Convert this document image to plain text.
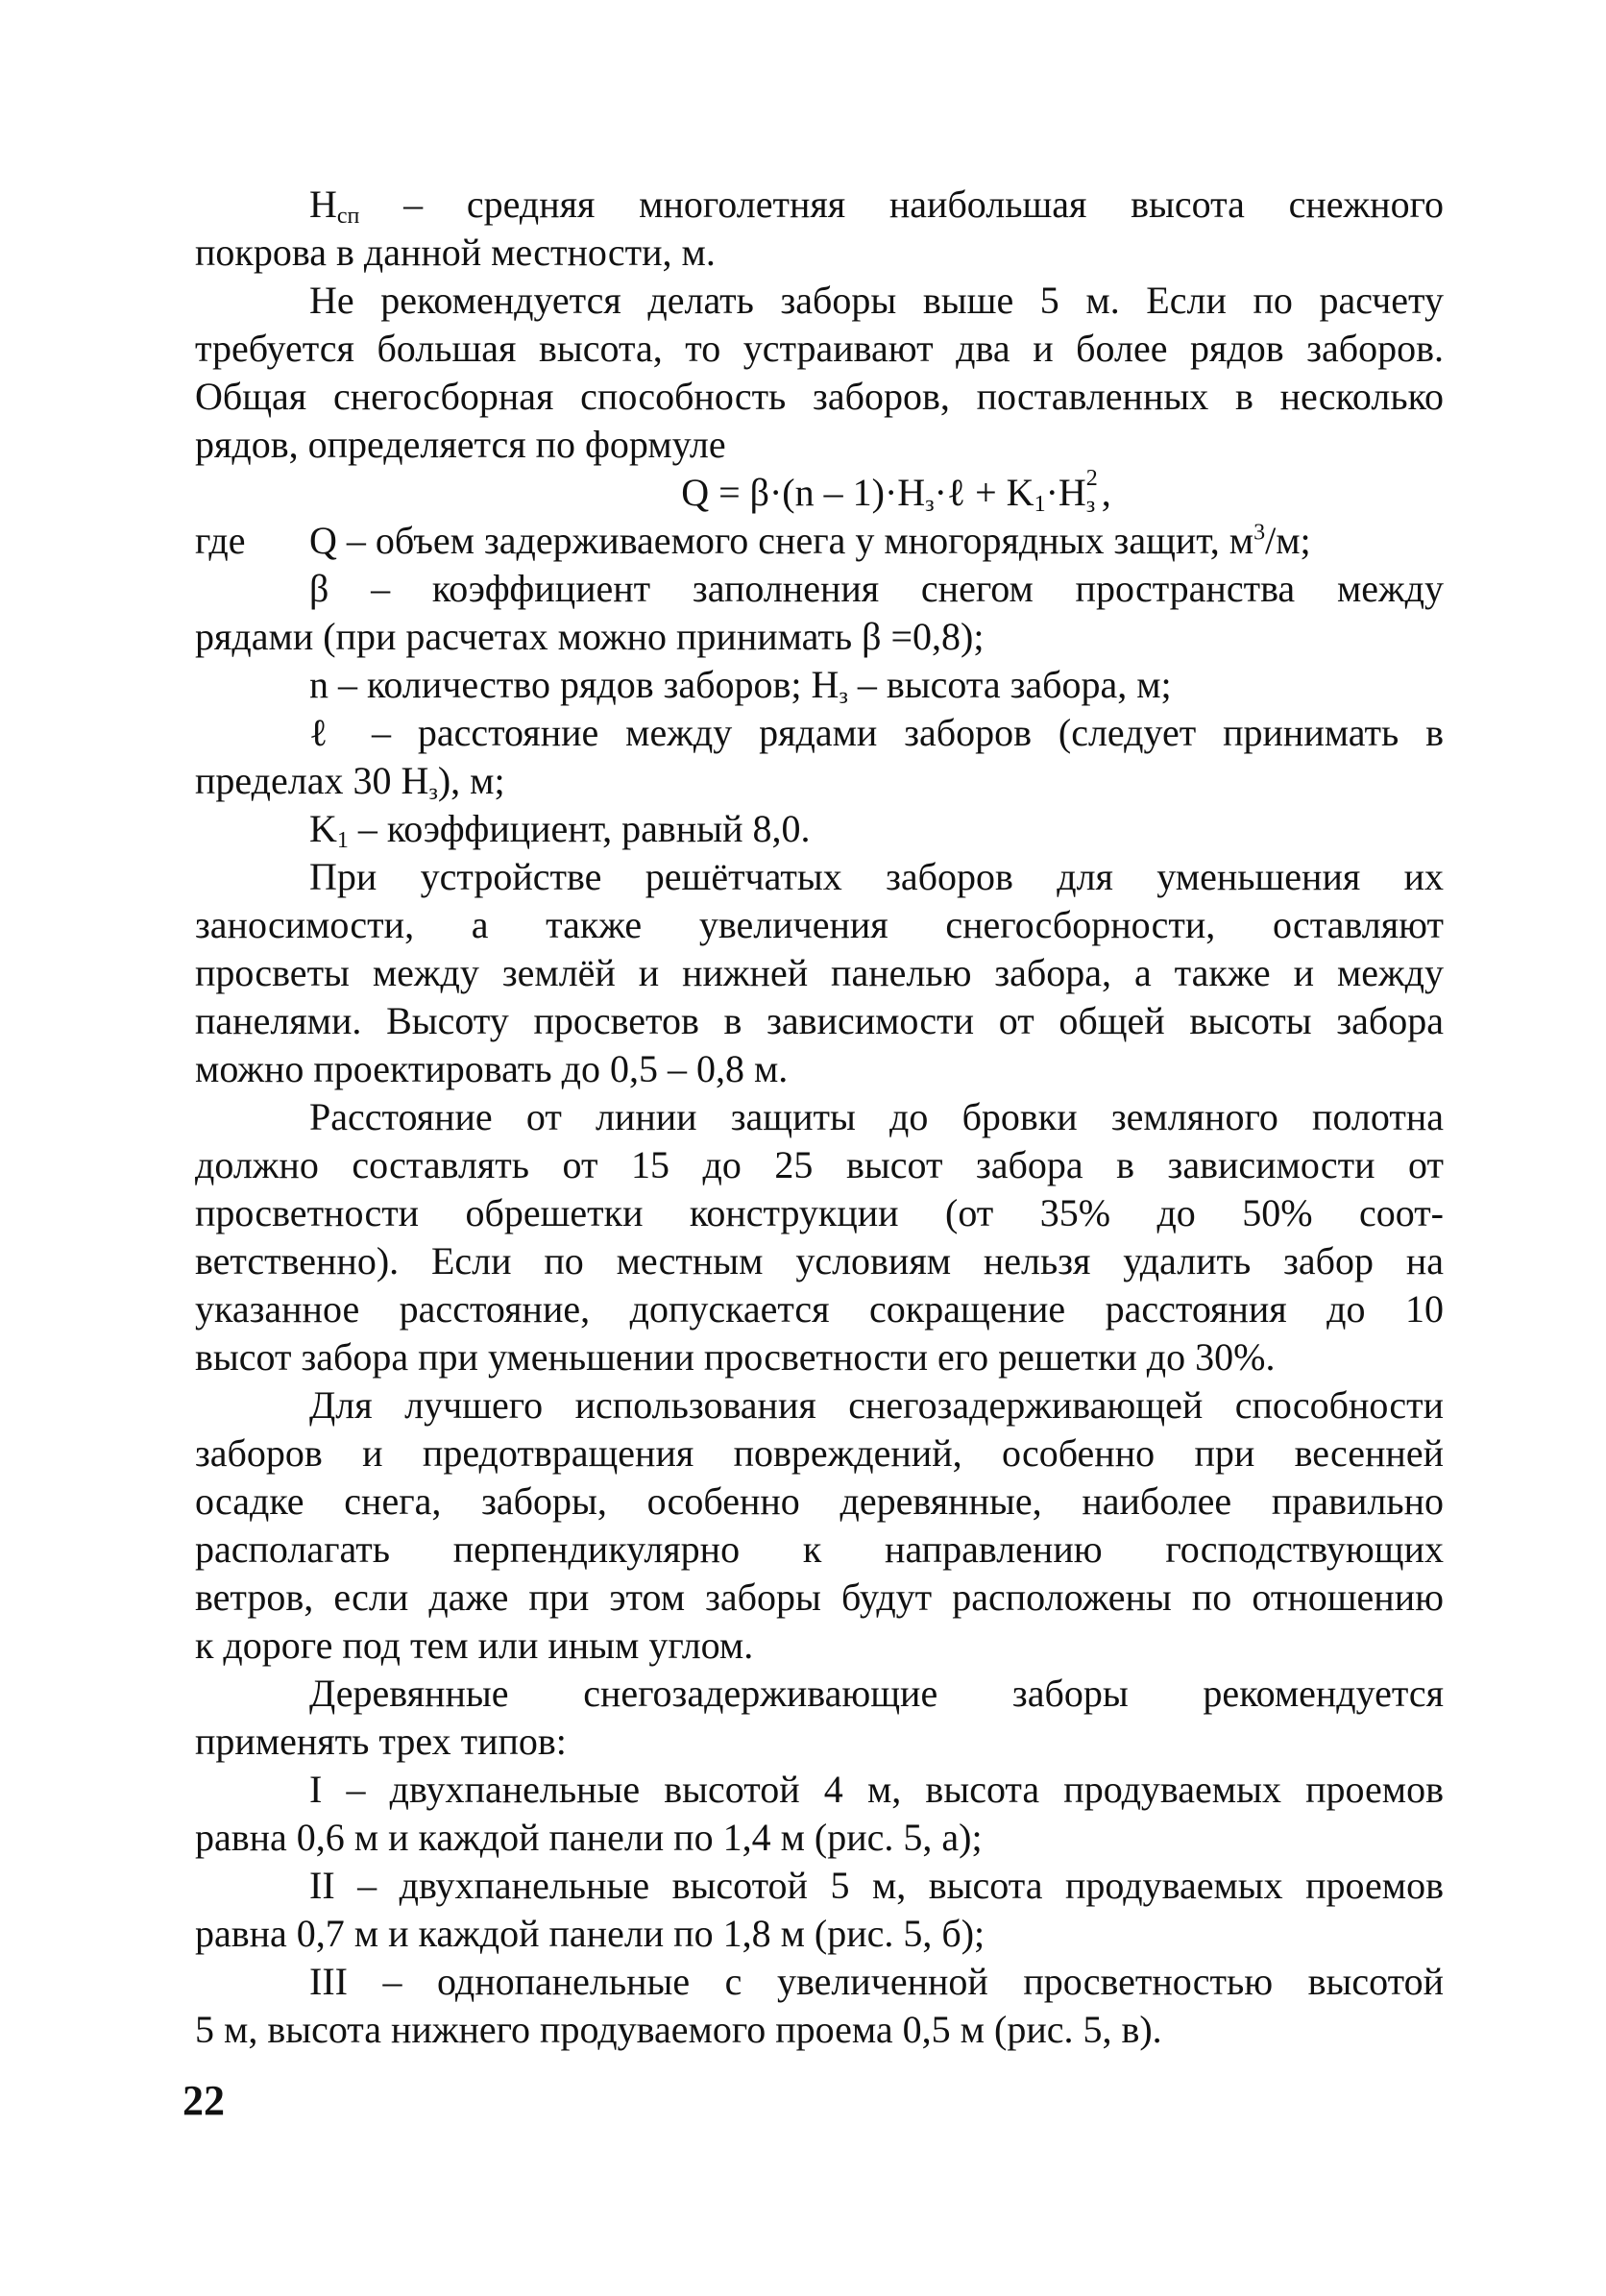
$H_{сп}$ – средняя многолетняя наибольшая высота снежного
покрова в данной местности, м.
Не рекомендуется делать заборы выше 5 м. Если по расчету
требуется большая высота, то устраивают два и более рядов заборов.
Общая снегосборная способность заборов, поставленных в несколько
рядов, определяется по формуле
$Q = \beta\cdot(n - 1)\cdot H_з\cdot\ell + K_1\cdot H$ 2
з ,
где Q – объем задерживаемого снега у многорядных защит, $м^3/м$;
β – коэффициент заполнения снегом пространства между
рядами (при расчетах можно принимать β =0,8);
n – количество рядов заборов; $H_з$ – высота забора, м;
ℓ – расстояние между рядами заборов (следует принимать в
пределах 30 $H_з$), м;
$K_1$ – коэффициент, равный 8,0.
При устройстве решётчатых заборов для уменьшения их
заносимости, а также увеличения снегосборности, оставляют
просветы между землёй и нижней панелью забора, а также и между
панелями. Высоту просветов в зависимости от общей высоты забора
можно проектировать до 0,5 – 0,8 м.
Расстояние от линии защиты до бровки земляного полотна
должно составлять от 15 до 25 высот забора в зависимости от
просветности обрешетки конструкции (от 35% до 50% соот-
ветственно). Если по местным условиям нельзя удалить забор на
указанное расстояние, допускается сокращение расстояния до 10
высот забора при уменьшении просветности его решетки до 30%.
Для лучшего использования снегозадерживающей способности
заборов и предотвращения повреждений, особенно при весенней
осадке снега, заборы, особенно деревянные, наиболее правильно
располагать перпендикулярно к направлению господствующих
ветров, если даже при этом заборы будут расположены по отношению
к дороге под тем или иным углом.
Деревянные снегозадерживающие заборы рекомендуется
применять трех типов:
I – двухпанельные высотой 4 м, высота продуваемых проемов
равна 0,6 м и каждой панели по 1,4 м (рис. 5, а);
II – двухпанельные высотой 5 м, высота продуваемых проемов
равна 0,7 м и каждой панели по 1,8 м (рис. 5, б);
III – однопанельные с увеличенной просветностью высотой
5 м, высота нижнего продуваемого проема 0,5 м (рис. 5, в).
22
